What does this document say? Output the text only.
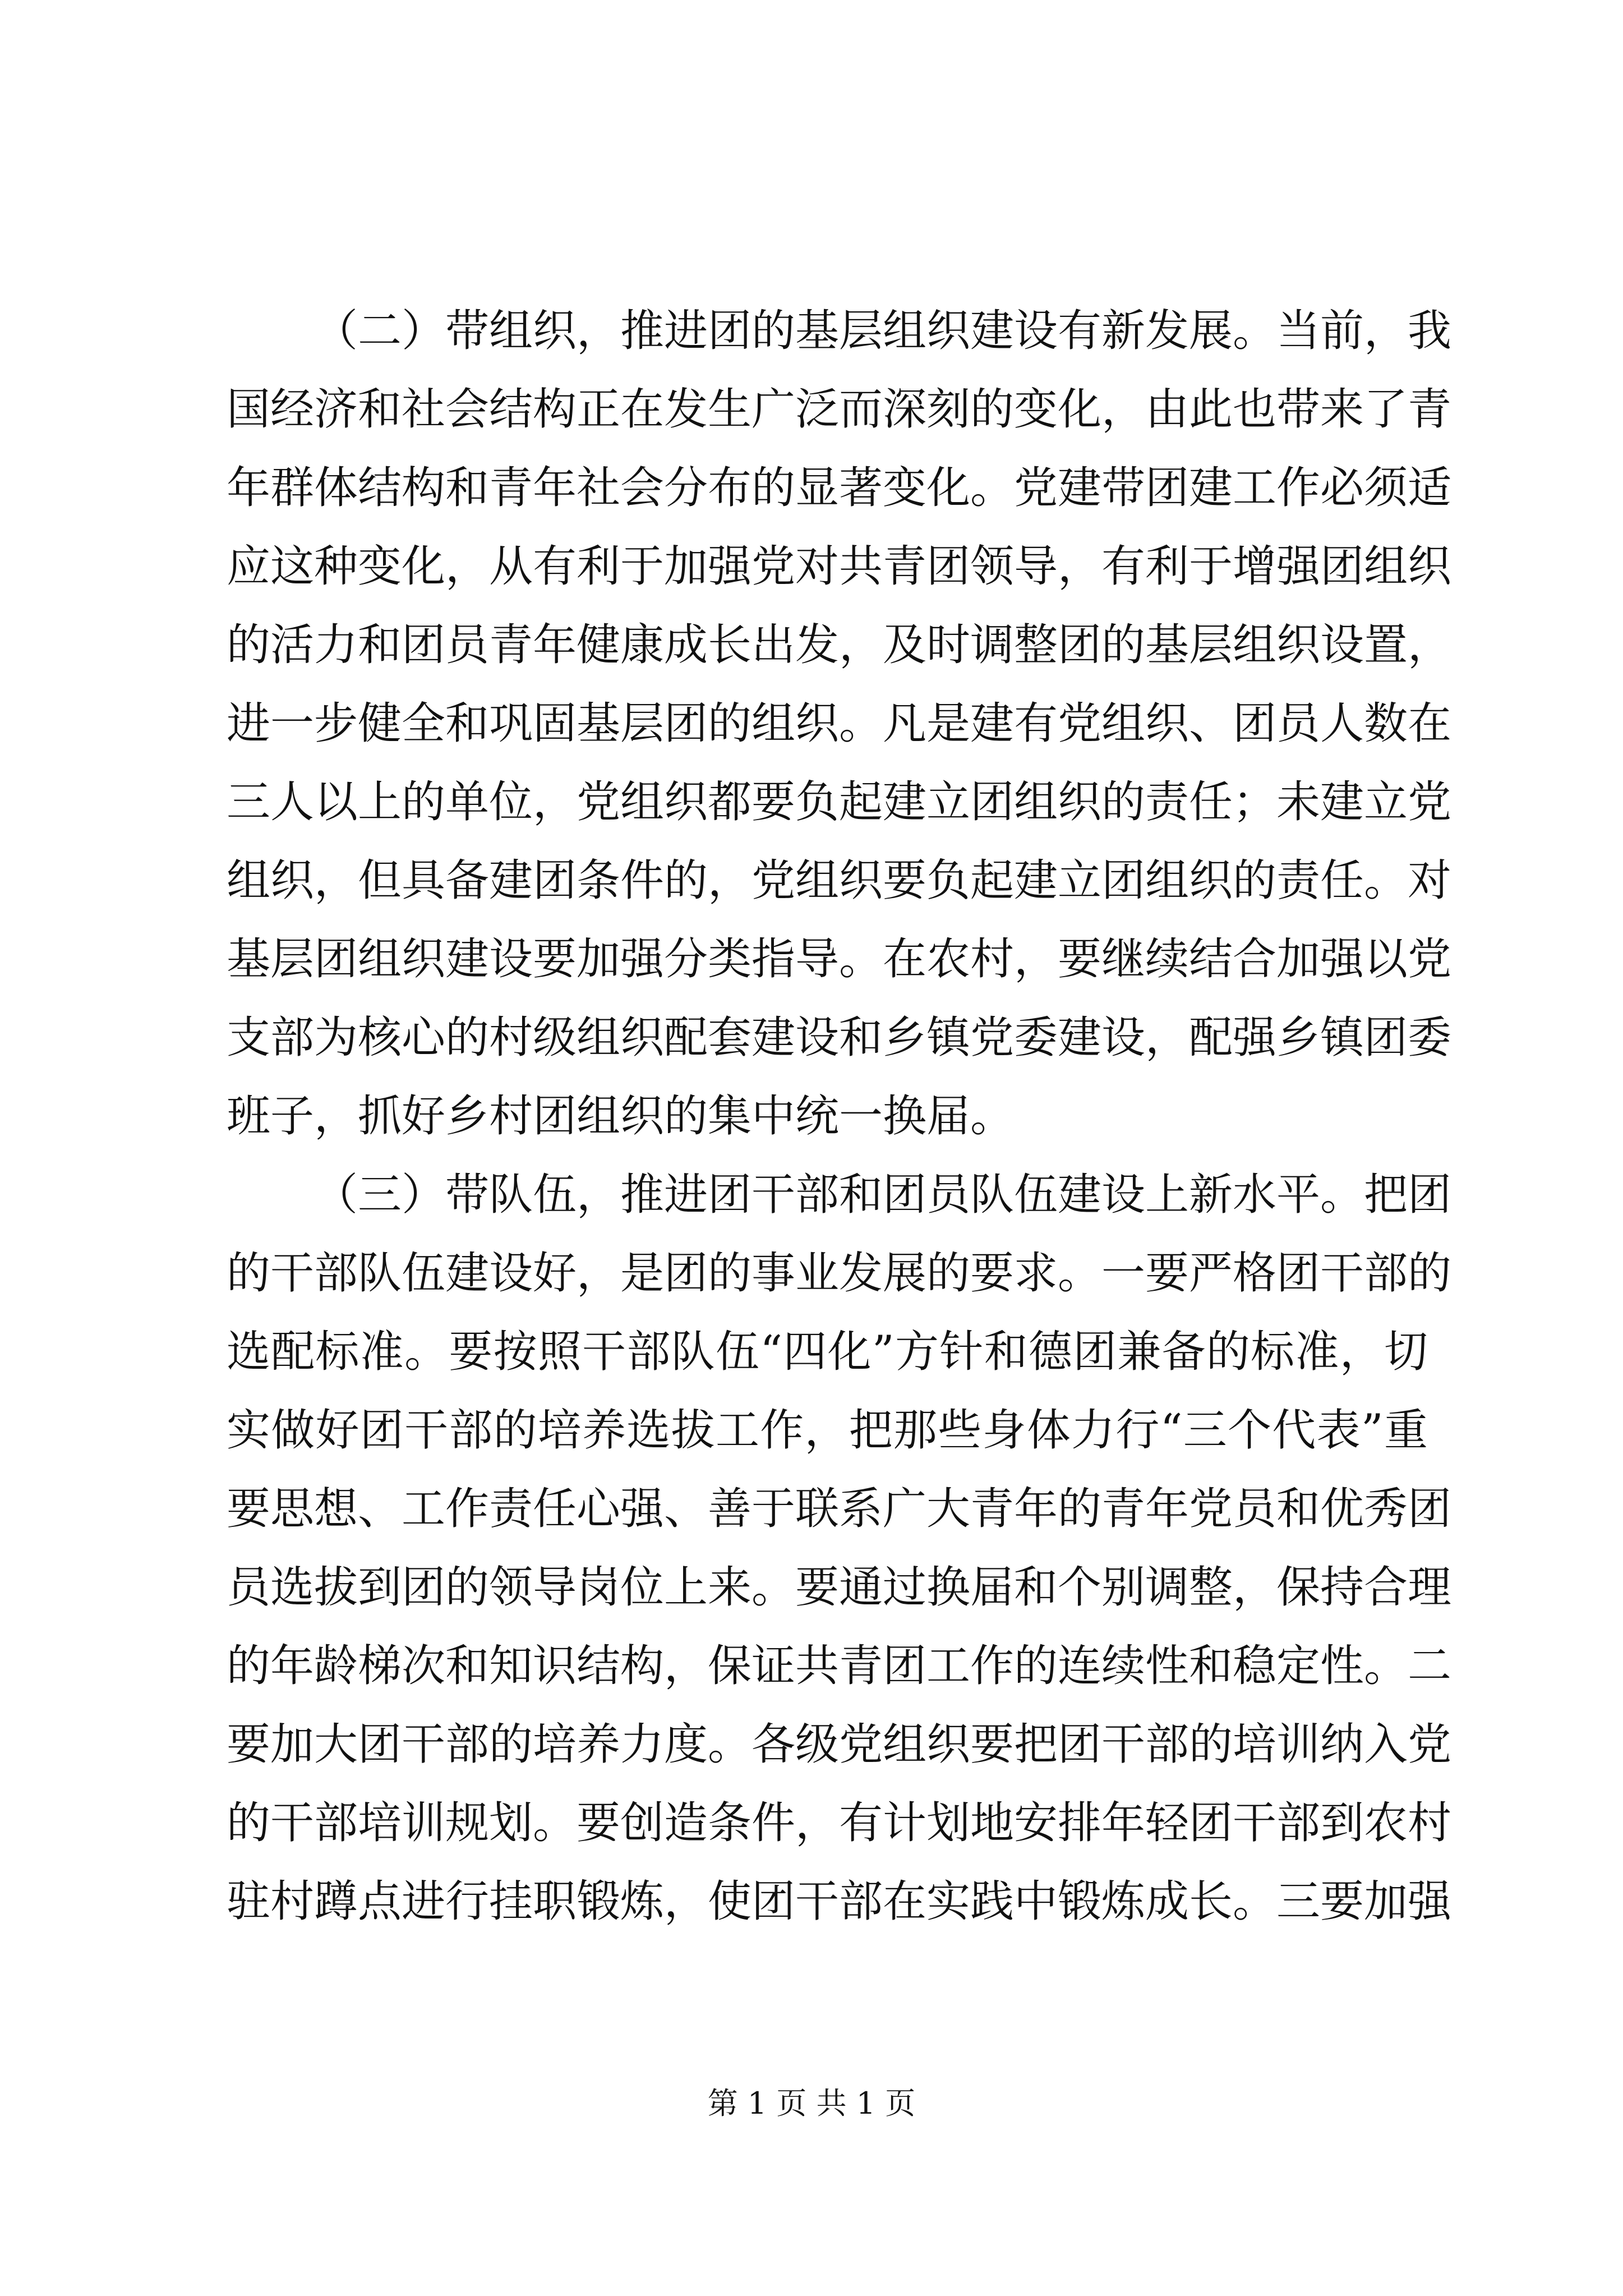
（二）带组织，推进团的基层组织建设有新发展。当前，我
国经济和社会结构正在发生广泛而深刻的变化，由此也带来了青
年群体结构和青年社会分布的显著变化。党建带团建工作必须适
应这种变化，从有利于加强党对共青团领导，有利于增强团组织
的活力和团员青年健康成长出发，及时调整团的基层组织设置，
进一步健全和巩固基层团的组织。凡是建有党组织、团员人数在
三人以上的单位，党组织都要负起建立团组织的责任；未建立党
组织，但具备建团条件的，党组织要负起建立团组织的责任。对
基层团组织建设要加强分类指导。在农村，要继续结合加强以党
支部为核心的村级组织配套建设和乡镇党委建设，配强乡镇团委
班子，抓好乡村团组织的集中统一换届。
（三）带队伍，推进团干部和团员队伍建设上新水平。把团
的干部队伍建设好，是团的事业发展的要求。一要严格团干部的
选配标准。要按照干部队伍“四化”方针和德团兼备的标准，切
实做好团干部的培养选拔工作，把那些身体力行“三个代表”重
要思想、工作责任心强、善于联系广大青年的青年党员和优秀团
员选拔到团的领导岗位上来。要通过换届和个别调整，保持合理
的年龄梯次和知识结构，保证共青团工作的连续性和稳定性。二
要加大团干部的培养力度。各级党组织要把团干部的培训纳入党
的干部培训规划。要创造条件，有计划地安排年轻团干部到农村
驻村蹲点进行挂职锻炼，使团干部在实践中锻炼成长。三要加强
第 1 页 共 1 页
